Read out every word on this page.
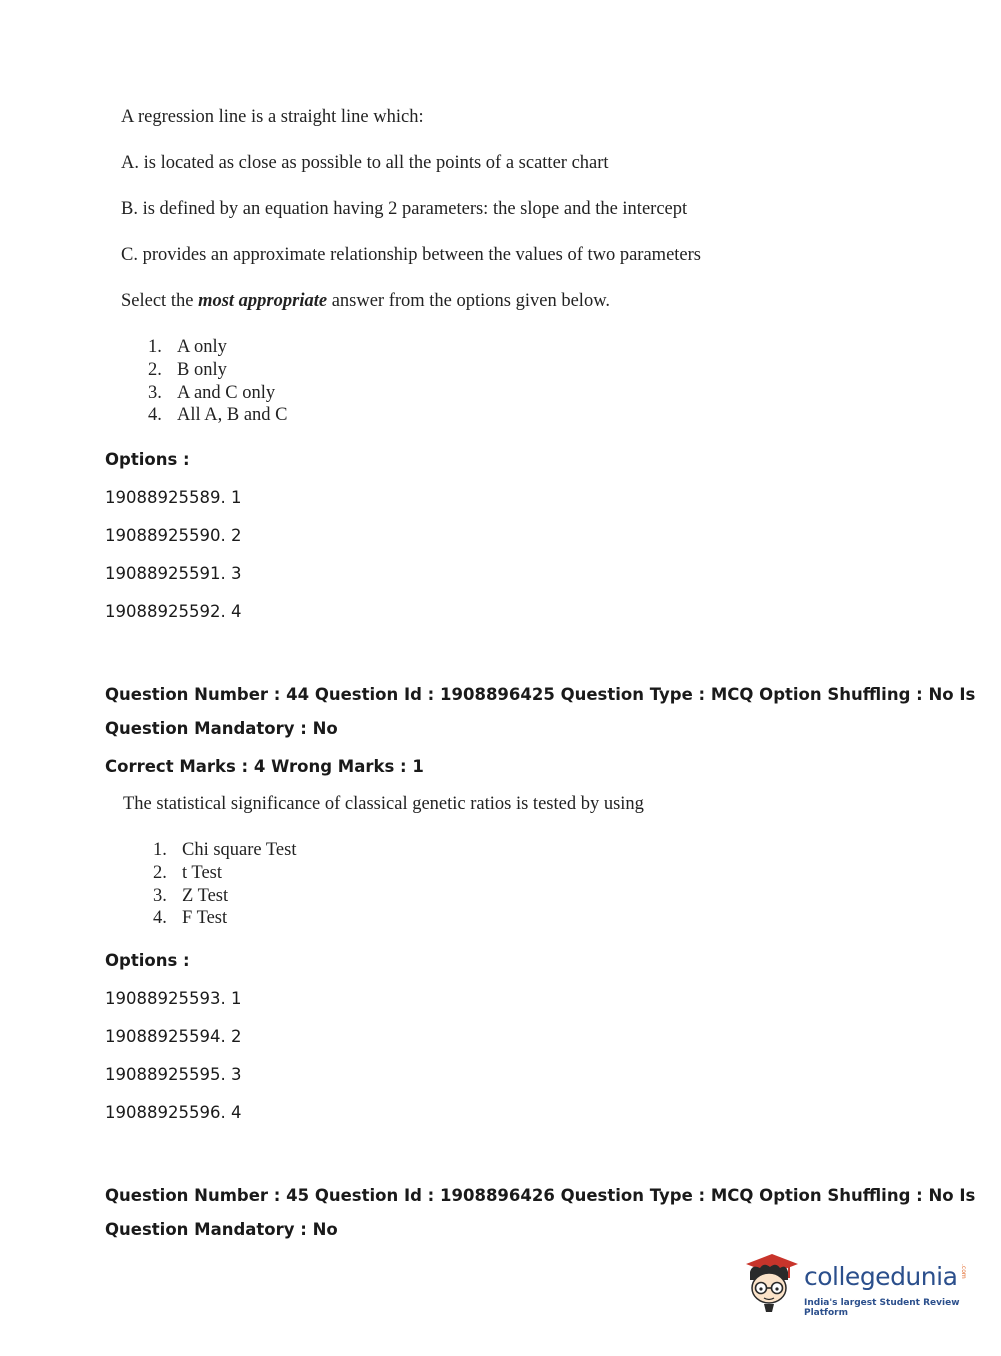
A regression line is a straight line which:
A. is located as close as possible to all the points of a scatter chart
B. is defined by an equation having 2 parameters: the slope and the intercept
C. provides an approximate relationship between the values of two parameters
Select the most appropriate answer from the options given below.
1. A only
2. B only
3. A and C only
4. All A, B and C
Options :
19088925589. 1
19088925590. 2
19088925591. 3
19088925592. 4
Question Number : 44 Question Id : 1908896425 Question Type : MCQ Option Shuffling : No Is
Question Mandatory : No
Correct Marks : 4 Wrong Marks : 1
The statistical significance of classical genetic ratios is tested by using
1. Chi square Test
2. t Test
3. Z Test
4. F Test
Options :
19088925593. 1
19088925594. 2
19088925595. 3
19088925596. 4
Question Number : 45 Question Id : 1908896426 Question Type : MCQ Option Shuffling : No Is
Question Mandatory : No
collegedunia .com
India's largest Student Review Platform
